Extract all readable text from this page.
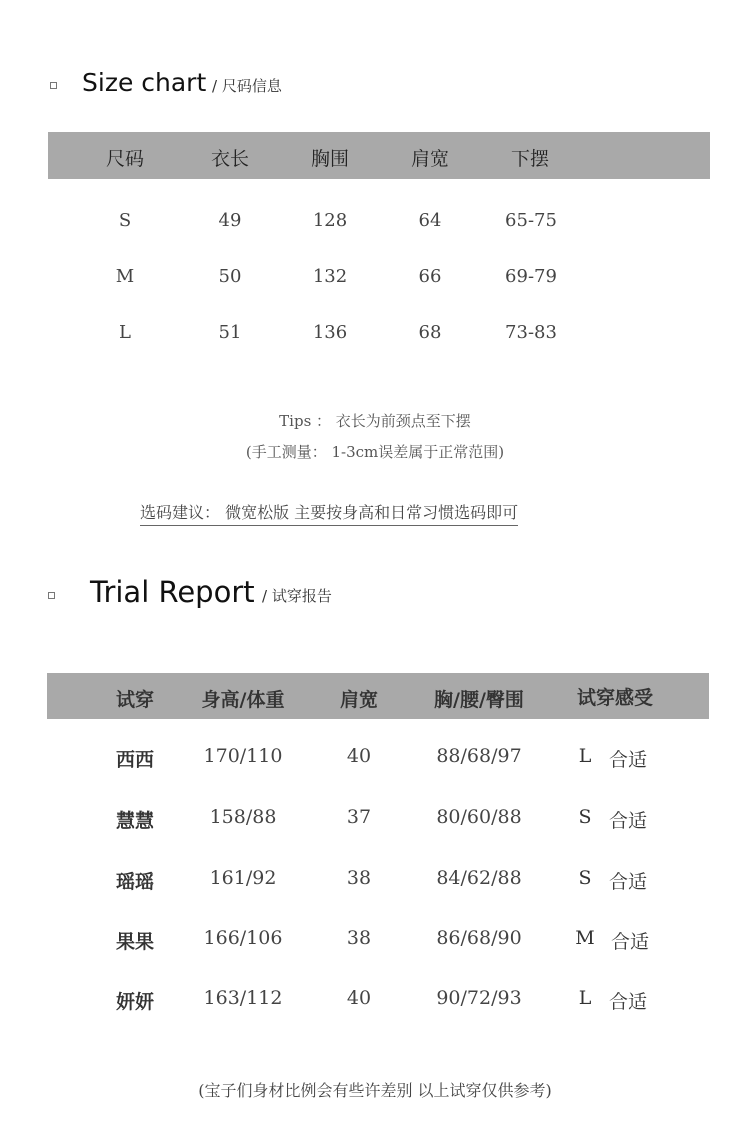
Size chart / 尺码信息
尺码	衣长	胸围	肩宽	下摆
S	49	128	64	65-75
M	50	132	66	69-79
L	51	136	68	73-83
Tips ： 衣长为前颈点至下摆
(手工测量： 1-3cm误差属于正常范围)
选码建议： 微宽松版 主要按身高和日常习惯选码即可
Trial Report / 试穿报告
试穿	身高/体重	肩宽	胸/腰/臀围	试穿感受
西西	170/110	40	88/68/97	L 合适
慧慧	158/88	37	80/60/88	S 合适
瑶瑶	161/92	38	84/62/88	S 合适
果果	166/106	38	86/68/90	M 合适
妍妍	163/112	40	90/72/93	L 合适
(宝子们身材比例会有些许差别 以上试穿仅供参考)
